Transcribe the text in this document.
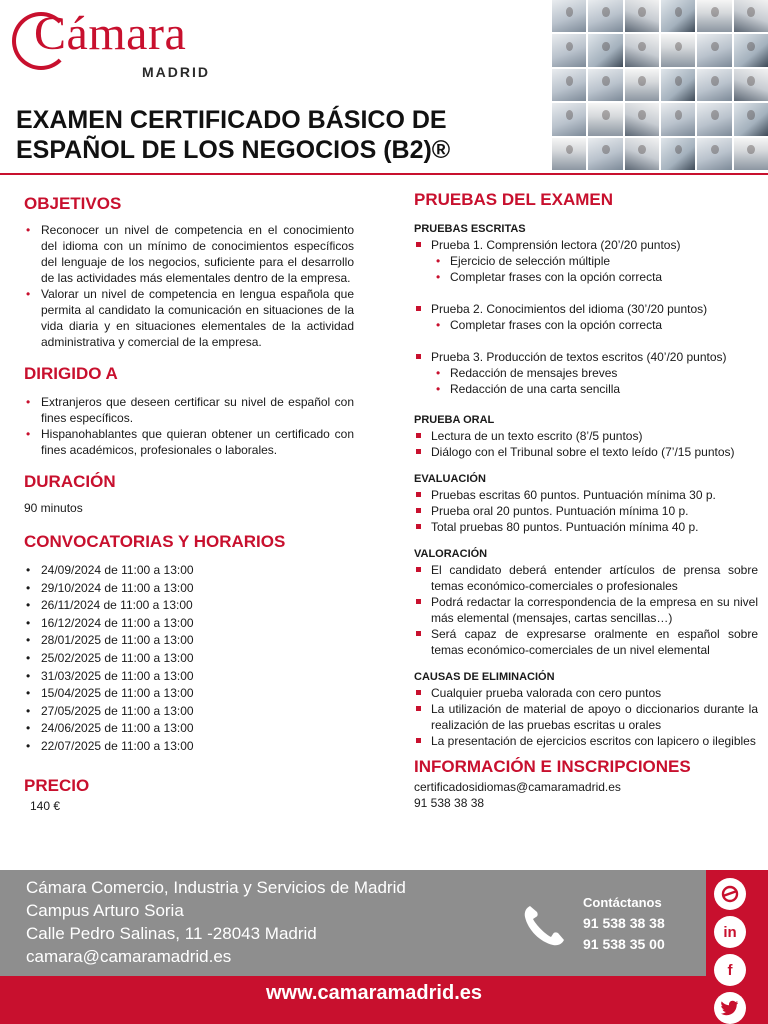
Cámara
MADRID
EXAMEN CERTIFICADO BÁSICO DE
ESPAÑOL DE LOS NEGOCIOS (B2)®
OBJETIVOS
• Reconocer un nivel de competencia en el conocimiento del idioma con un mínimo de conocimientos específicos del lenguaje de los negocios, suficiente para el desarrollo de las actividades más elementales dentro de la empresa.
• Valorar un nivel de competencia en lengua española que permita al candidato la comunicación en situaciones de la vida diaria y en situaciones elementales de la actividad administrativa y comercial de la empresa.
DIRIGIDO A
• Extranjeros que deseen certificar su nivel de español con fines específicos.
• Hispanohablantes que quieran obtener un certificado con fines académicos, profesionales o laborales.
DURACIÓN
90 minutos
CONVOCATORIAS Y HORARIOS
• 24/09/2024 de 11:00 a 13:00
• 29/10/2024 de 11:00 a 13:00
• 26/11/2024 de 11:00 a 13:00
• 16/12/2024 de 11:00 a 13:00
• 28/01/2025 de 11:00 a 13:00
• 25/02/2025 de 11:00 a 13:00
• 31/03/2025 de 11:00 a 13:00
• 15/04/2025 de 11:00 a 13:00
• 27/05/2025 de 11:00 a 13:00
• 24/06/2025 de 11:00 a 13:00
• 22/07/2025 de 11:00 a 13:00
PRECIO
140 €
PRUEBAS DEL EXAMEN
PRUEBAS ESCRITAS
Prueba 1. Comprensión lectora (20’/20 puntos)
• Ejercicio de selección múltiple
• Completar frases con la opción correcta
Prueba 2. Conocimientos del idioma (30’/20 puntos)
• Completar frases con la opción correcta
Prueba 3. Producción de textos escritos (40’/20 puntos)
• Redacción de mensajes breves
• Redacción de una carta sencilla
PRUEBA ORAL
Lectura de un texto escrito (8’/5 puntos)
Diálogo con el Tribunal sobre el texto leído (7’/15 puntos)
EVALUACIÓN
Pruebas escritas 60 puntos. Puntuación mínima 30 p.
Prueba oral 20 puntos. Puntuación mínima 10 p.
Total pruebas 80 puntos. Puntuación mínima 40 p.
VALORACIÓN
El candidato deberá entender artículos de prensa sobre temas económico-comerciales o profesionales
Podrá redactar la correspondencia de la empresa en su nivel más elemental (mensajes, cartas sencillas…)
Será capaz de expresarse oralmente en español sobre temas económico-comerciales de un nivel elemental
CAUSAS DE ELIMINACIÓN
Cualquier prueba valorada con cero puntos
La utilización de material de apoyo o diccionarios durante la realización de las pruebas escritas u orales
La presentación de ejercicios escritos con lapicero o ilegibles
INFORMACIÓN E INSCRIPCIONES
certificadosidiomas@camaramadrid.es
91 538 38 38
Cámara Comercio, Industria y Servicios de Madrid
Campus Arturo Soria
Calle Pedro Salinas, 11 -28043 Madrid
camara@camaramadrid.es
Contáctanos
91 538 38 38
91 538 35 00
www.camaramadrid.es
in
f
